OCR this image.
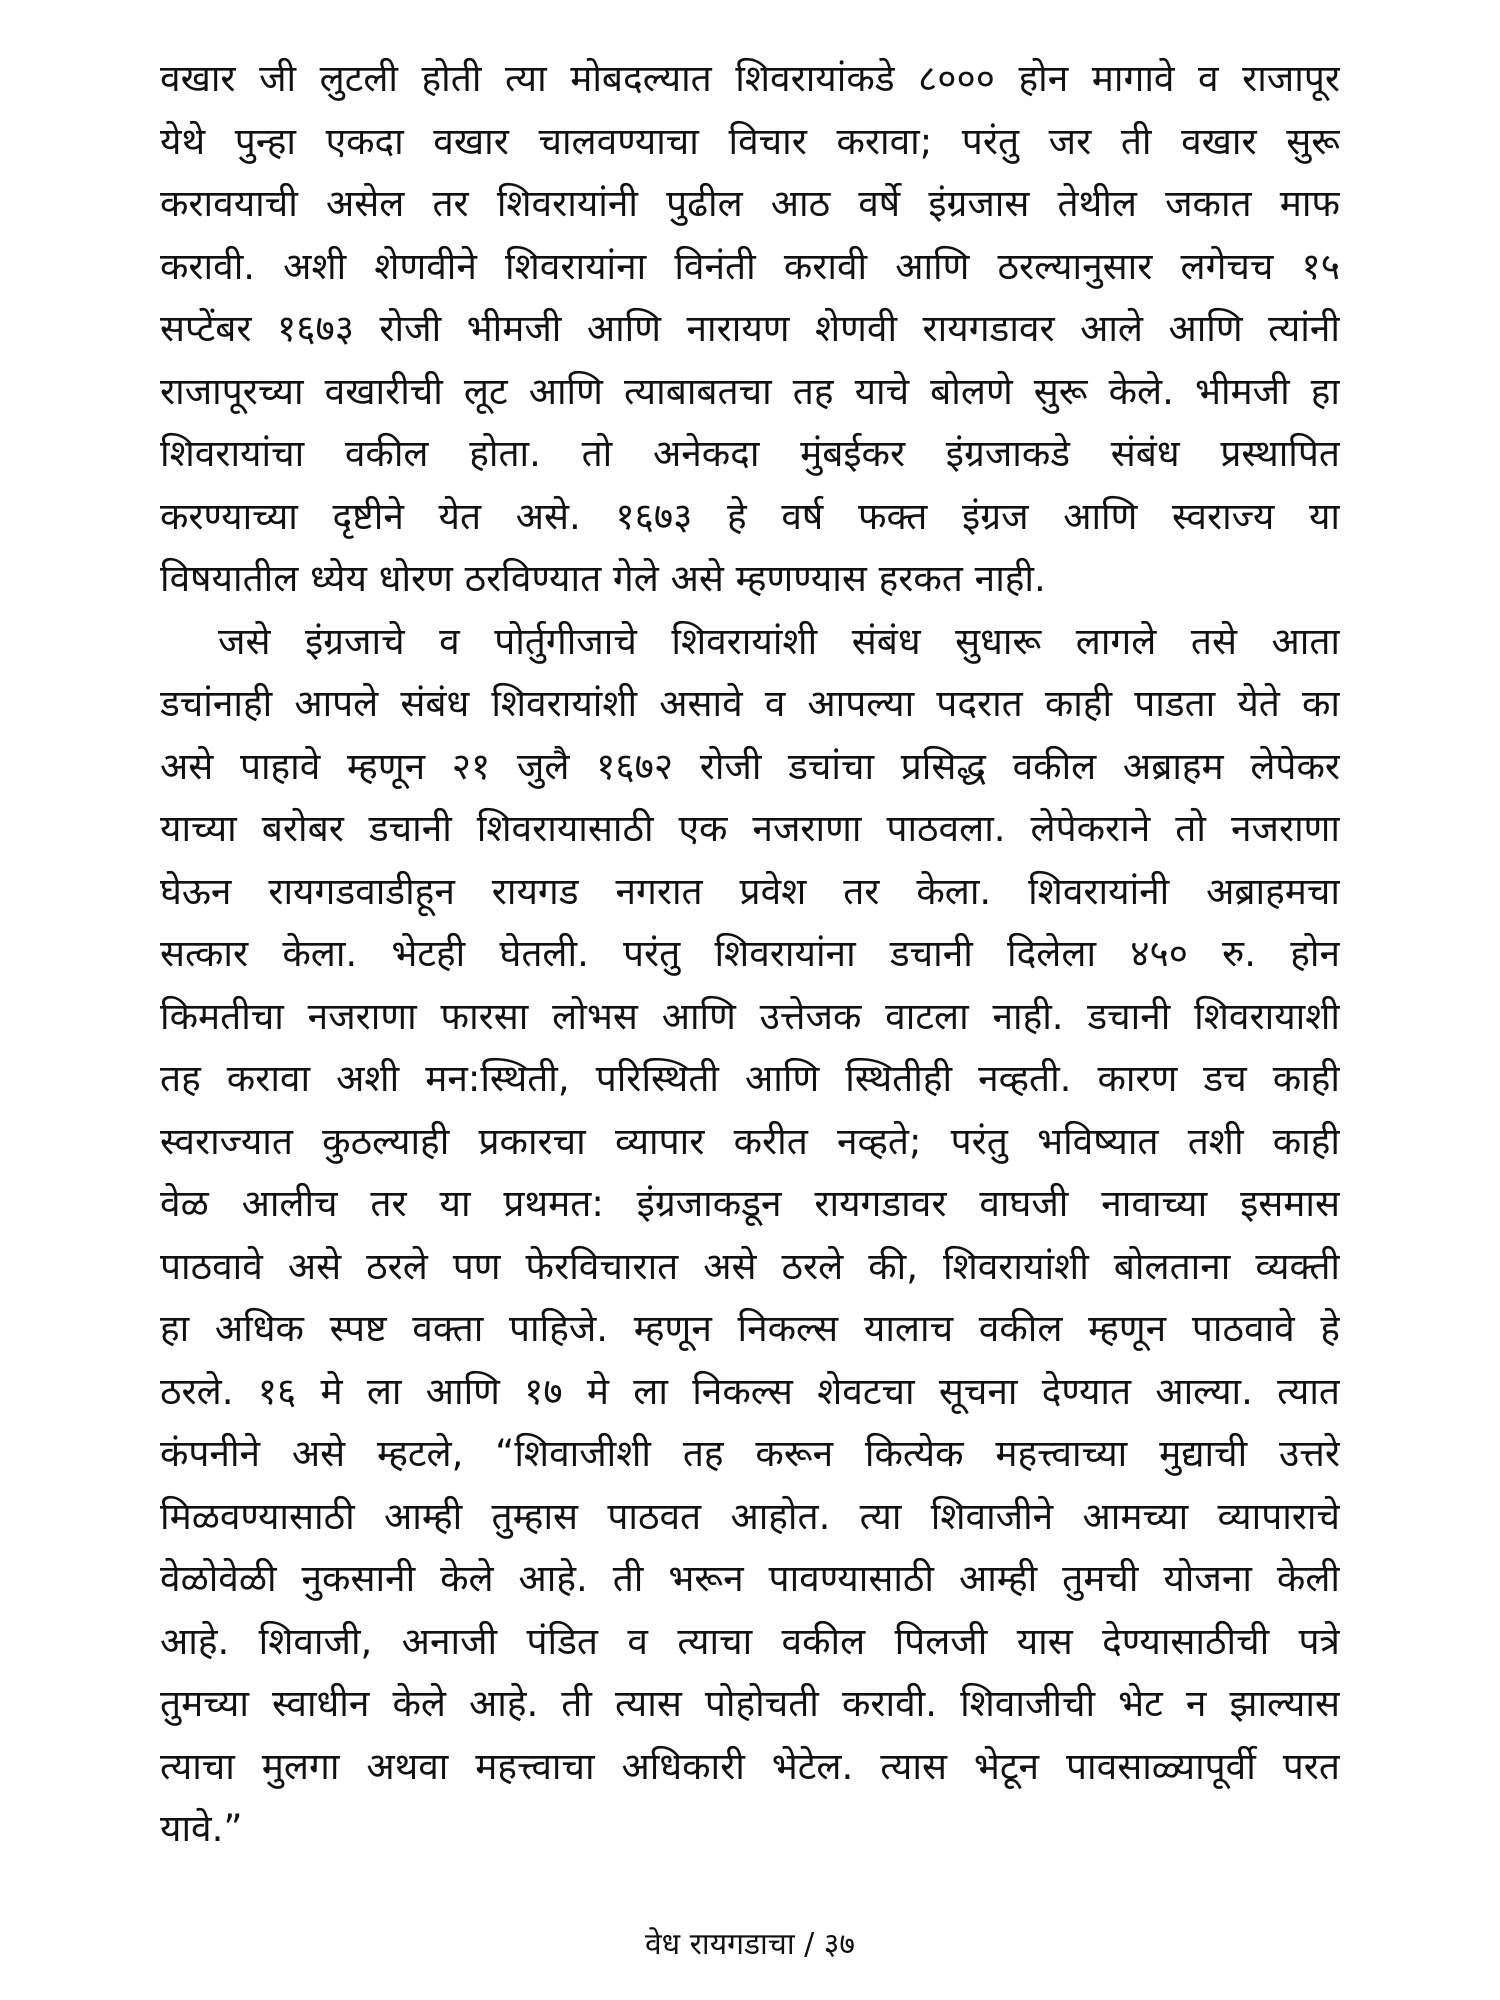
वखार जी लुटली होती त्या मोबदल्यात शिवरायांकडे ८००० होन मागावे व राजापूर
येथे पुन्हा एकदा वखार चालवण्याचा विचार करावा; परंतु जर ती वखार सुरू
करावयाची असेल तर शिवरायांनी पुढील आठ वर्षे इंग्रजास तेथील जकात माफ
करावी. अशी शेणवीने शिवरायांना विनंती करावी आणि ठरल्यानुसार लगेचच १५
सप्टेंबर १६७३ रोजी भीमजी आणि नारायण शेणवी रायगडावर आले आणि त्यांनी
राजापूरच्या वखारीची लूट आणि त्याबाबतचा तह याचे बोलणे सुरू केले. भीमजी हा
शिवरायांचा वकील होता. तो अनेकदा मुंबईकर इंग्रजाकडे संबंध प्रस्थापित
करण्याच्या दृष्टीने येत असे. १६७३ हे वर्ष फक्त इंग्रज आणि स्वराज्य या
विषयातील ध्येय धोरण ठरविण्यात गेले असे म्हणण्यास हरकत नाही.
जसे इंग्रजाचे व पोर्तुगीजाचे शिवरायांशी संबंध सुधारू लागले तसे आता
डचांनाही आपले संबंध शिवरायांशी असावे व आपल्या पदरात काही पाडता येते का
असे पाहावे म्हणून २१ जुलै १६७२ रोजी डचांचा प्रसिद्ध वकील अब्राहम लेपेकर
याच्या बरोबर डचानी शिवरायासाठी एक नजराणा पाठवला. लेपेकराने तो नजराणा
घेऊन रायगडवाडीहून रायगड नगरात प्रवेश तर केला. शिवरायांनी अब्राहमचा
सत्कार केला. भेटही घेतली. परंतु शिवरायांना डचानी दिलेला ४५० रु. होन
किमतीचा नजराणा फारसा लोभस आणि उत्तेजक वाटला नाही. डचानी शिवरायाशी
तह करावा अशी मन:स्थिती, परिस्थिती आणि स्थितीही नव्हती. कारण डच काही
स्वराज्यात कुठल्याही प्रकारचा व्यापार करीत नव्हते; परंतु भविष्यात तशी काही
वेळ आलीच तर या प्रथमत: इंग्रजाकडून रायगडावर वाघजी नावाच्या इसमास
पाठवावे असे ठरले पण फेरविचारात असे ठरले की, शिवरायांशी बोलताना व्यक्ती
हा अधिक स्पष्ट वक्ता पाहिजे. म्हणून निकल्स यालाच वकील म्हणून पाठवावे हे
ठरले. १६ मे ला आणि १७ मे ला निकल्स शेवटचा सूचना देण्यात आल्या. त्यात
कंपनीने असे म्हटले, “शिवाजीशी तह करून कित्येक महत्त्वाच्या मुद्याची उत्तरे
मिळवण्यासाठी आम्ही तुम्हास पाठवत आहोत. त्या शिवाजीने आमच्या व्यापाराचे
वेळोवेळी नुकसानी केले आहे. ती भरून पावण्यासाठी आम्ही तुमची योजना केली
आहे. शिवाजी, अनाजी पंडित व त्याचा वकील पिलजी यास देण्यासाठीची पत्रे
तुमच्या स्वाधीन केले आहे. ती त्यास पोहोचती करावी. शिवाजीची भेट न झाल्यास
त्याचा मुलगा अथवा महत्त्वाचा अधिकारी भेटेल. त्यास भेटून पावसाळ्यापूर्वी परत
यावे.”
वेध रायगडाचा / ३७
